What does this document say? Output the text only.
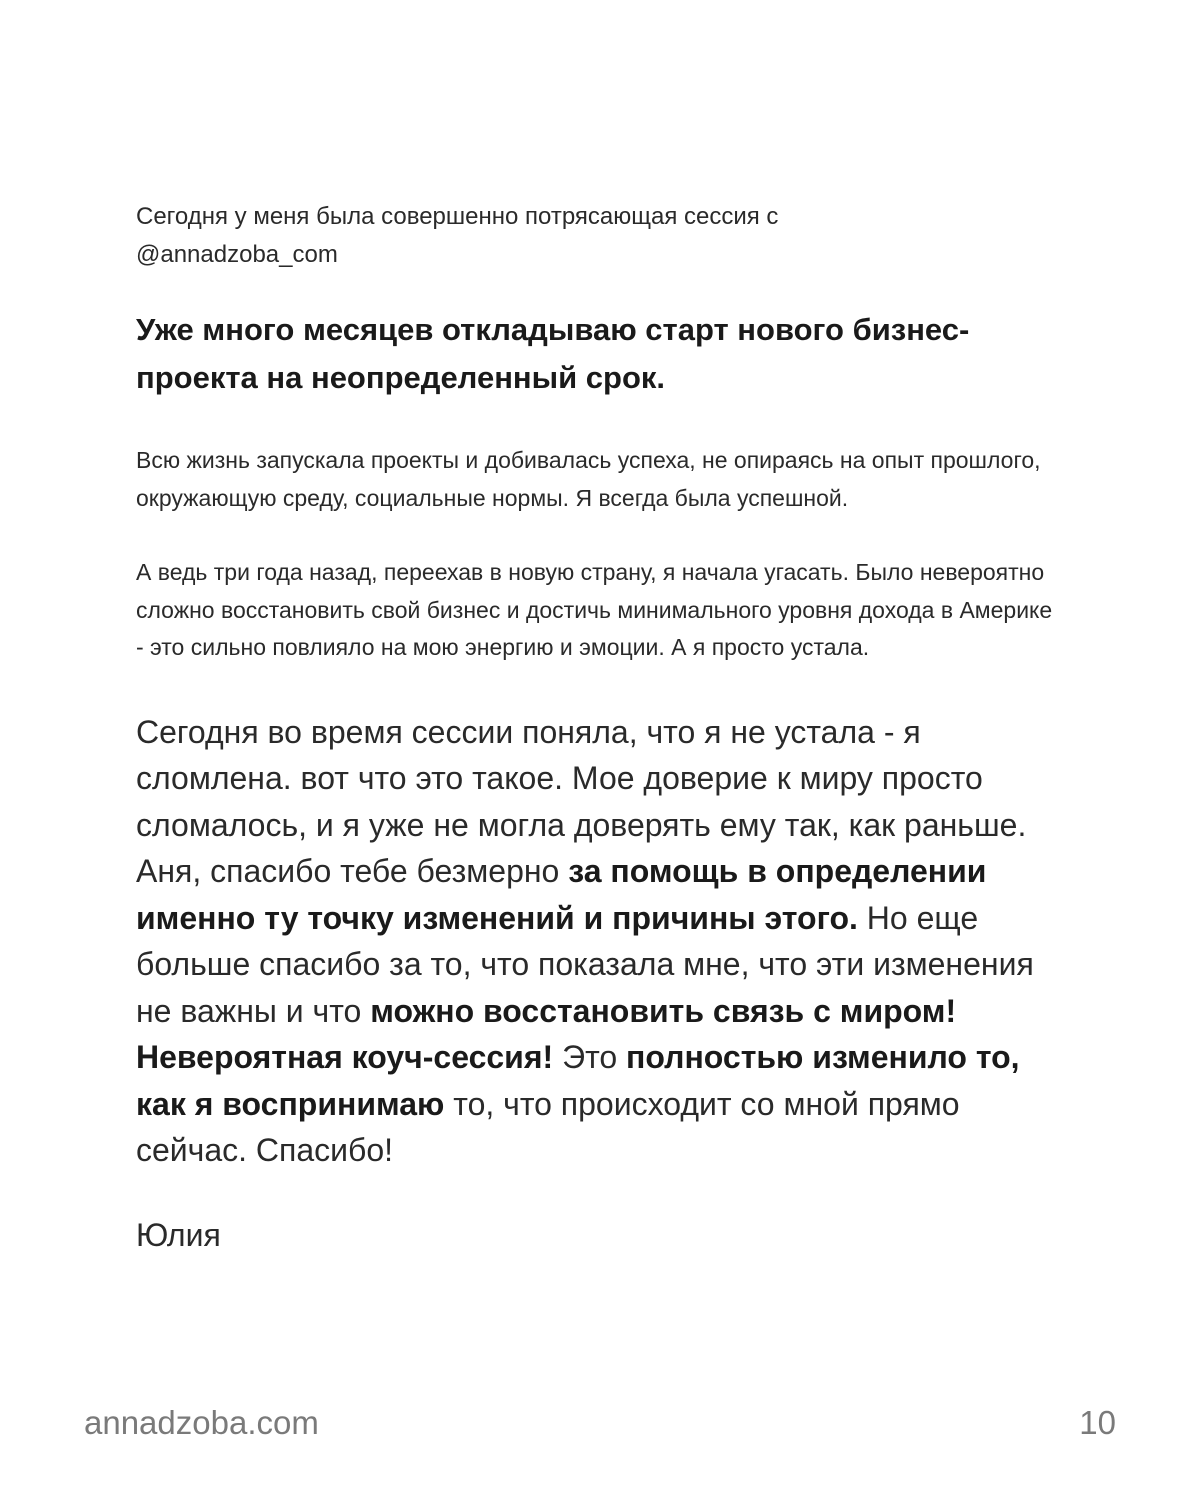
Сегодня у меня была совершенно потрясающая сессия с
@annadzoba_com

Уже много месяцев откладываю старт нового бизнес-проекта на неопределенный срок.

Всю жизнь запускала проекты и добивалась успеха, не опираясь на опыт прошлого, окружающую среду, социальные нормы. Я всегда была успешной.

А ведь три года назад, переехав в новую страну, я начала угасать. Было невероятно сложно восстановить свой бизнес и достичь минимального уровня дохода в Америке - это сильно повлияло на мою энергию и эмоции. А я просто устала.

Сегодня во время сессии поняла, что я не устала - я сломлена. вот что это такое. Мое доверие к миру просто сломалось, и я уже не могла доверять ему так, как раньше. Аня, спасибо тебе безмерно за помощь в определении именно ту точку изменений и причины этого. Но еще больше спасибо за то, что показала мне, что эти изменения не важны и что можно восстановить связь с миром! Невероятная коуч-сессия! Это полностью изменило то, как я воспринимаю то, что происходит со мной прямо сейчас. Спасибо!

Юлия

annadzoba.com	10
